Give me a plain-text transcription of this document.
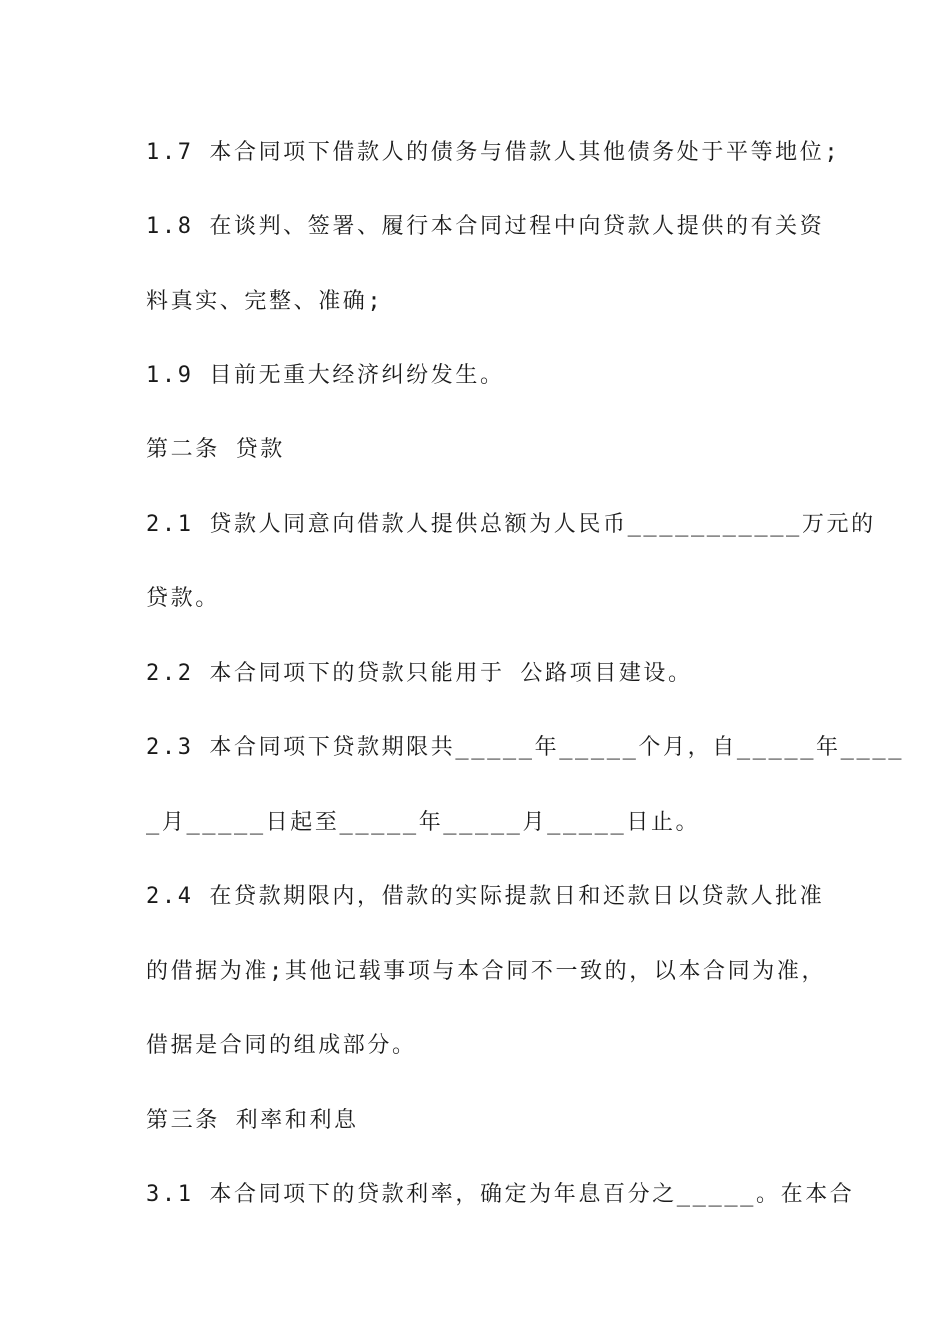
1.7 本合同项下借款人的债务与借款人其他债务处于平等地位;
1.8 在谈判、签署、履行本合同过程中向贷款人提供的有关资
料真实、完整、准确;
1.9 目前无重大经济纠纷发生。
第二条 贷款
2.1 贷款人同意向借款人提供总额为人民币___________万元的
贷款。
2.2 本合同项下的贷款只能用于 公路项目建设。
2.3 本合同项下贷款期限共_____年_____个月，自_____年____
_月_____日起至_____年_____月_____日止。
2.4 在贷款期限内，借款的实际提款日和还款日以贷款人批准
的借据为准;其他记载事项与本合同不一致的，以本合同为准，
借据是合同的组成部分。
第三条 利率和利息
3.1 本合同项下的贷款利率，确定为年息百分之_____。在本合
